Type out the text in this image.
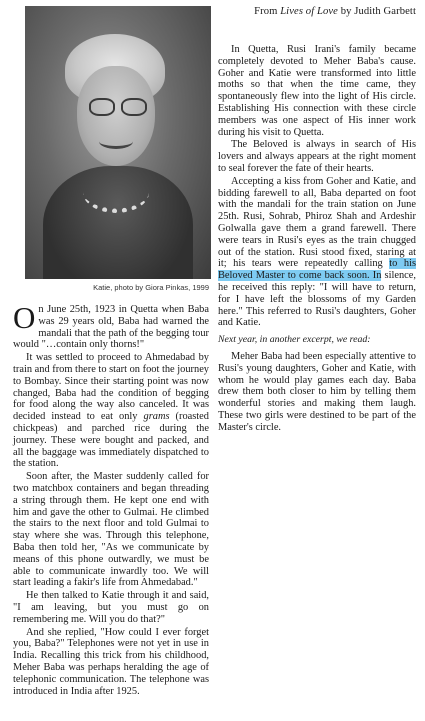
Katie, photo by Giora Pinkas, 1999

On June 25th, 1923 in Quetta when Baba was 29 years old, Baba had warned the mandali that the path of the begging tour would "…contain only thorns!"

It was settled to proceed to Ahmedabad by train and from there to start on foot the journey to Bombay. Since their starting point was now changed, Baba had the condition of begging for food along the way also canceled. It was decided instead to eat only grams (roasted chickpeas) and parched rice during the journey. These were bought and packed, and all the baggage was immediately dispatched to the station.

Soon after, the Master suddenly called for two matchbox containers and began threading a string through them. He kept one end with him and gave the other to Gulmai. He climbed the stairs to the next floor and told Gulmai to stay where she was. Through this telephone, Baba then told her, "As we communicate by means of this phone outwardly, we must be able to communicate inwardly too. We will start leading a fakir's life from Ahmedabad."

He then talked to Katie through it and said, "I am leaving, but you must go on remembering me. Will you do that?"

And she replied, "How could I ever forget you, Baba?" Telephones were not yet in use in India. Recalling this trick from his childhood, Meher Baba was perhaps heralding the age of telephonic communication. The telephone was introduced in India after 1925.

From Lives of Love by Judith Garbett

In Quetta, Rusi Irani's family became completely devoted to Meher Baba's cause. Goher and Katie were transformed into little moths so that when the time came, they spontaneously flew into the light of His circle. Establishing His connection with these circle members was one aspect of His inner work during his visit to Quetta.

The Beloved is always in search of His lovers and always appears at the right moment to seal forever the fate of their hearts.

Accepting a kiss from Goher and Katie, and bidding farewell to all, Baba departed on foot with the mandali for the train station on June 25th. Rusi, Sohrab, Phiroz Shah and Ardeshir Golwalla gave them a grand farewell. There were tears in Rusi's eyes as the train chugged out of the station. Rusi stood fixed, staring at it; his tears were repeatedly calling to his Beloved Master to come back soon. In silence, he received this reply: "I will have to return, for I have left the blossoms of my Garden here." This referred to Rusi's daughters, Goher and Katie.

Next year, in another excerpt, we read:

Meher Baba had been especially attentive to Rusi's young daughters, Goher and Katie, with whom he would play games each day. Baba drew them both closer to him by telling them wonderful stories and making them laugh. These two girls were destined to be part of the Master's circle.
